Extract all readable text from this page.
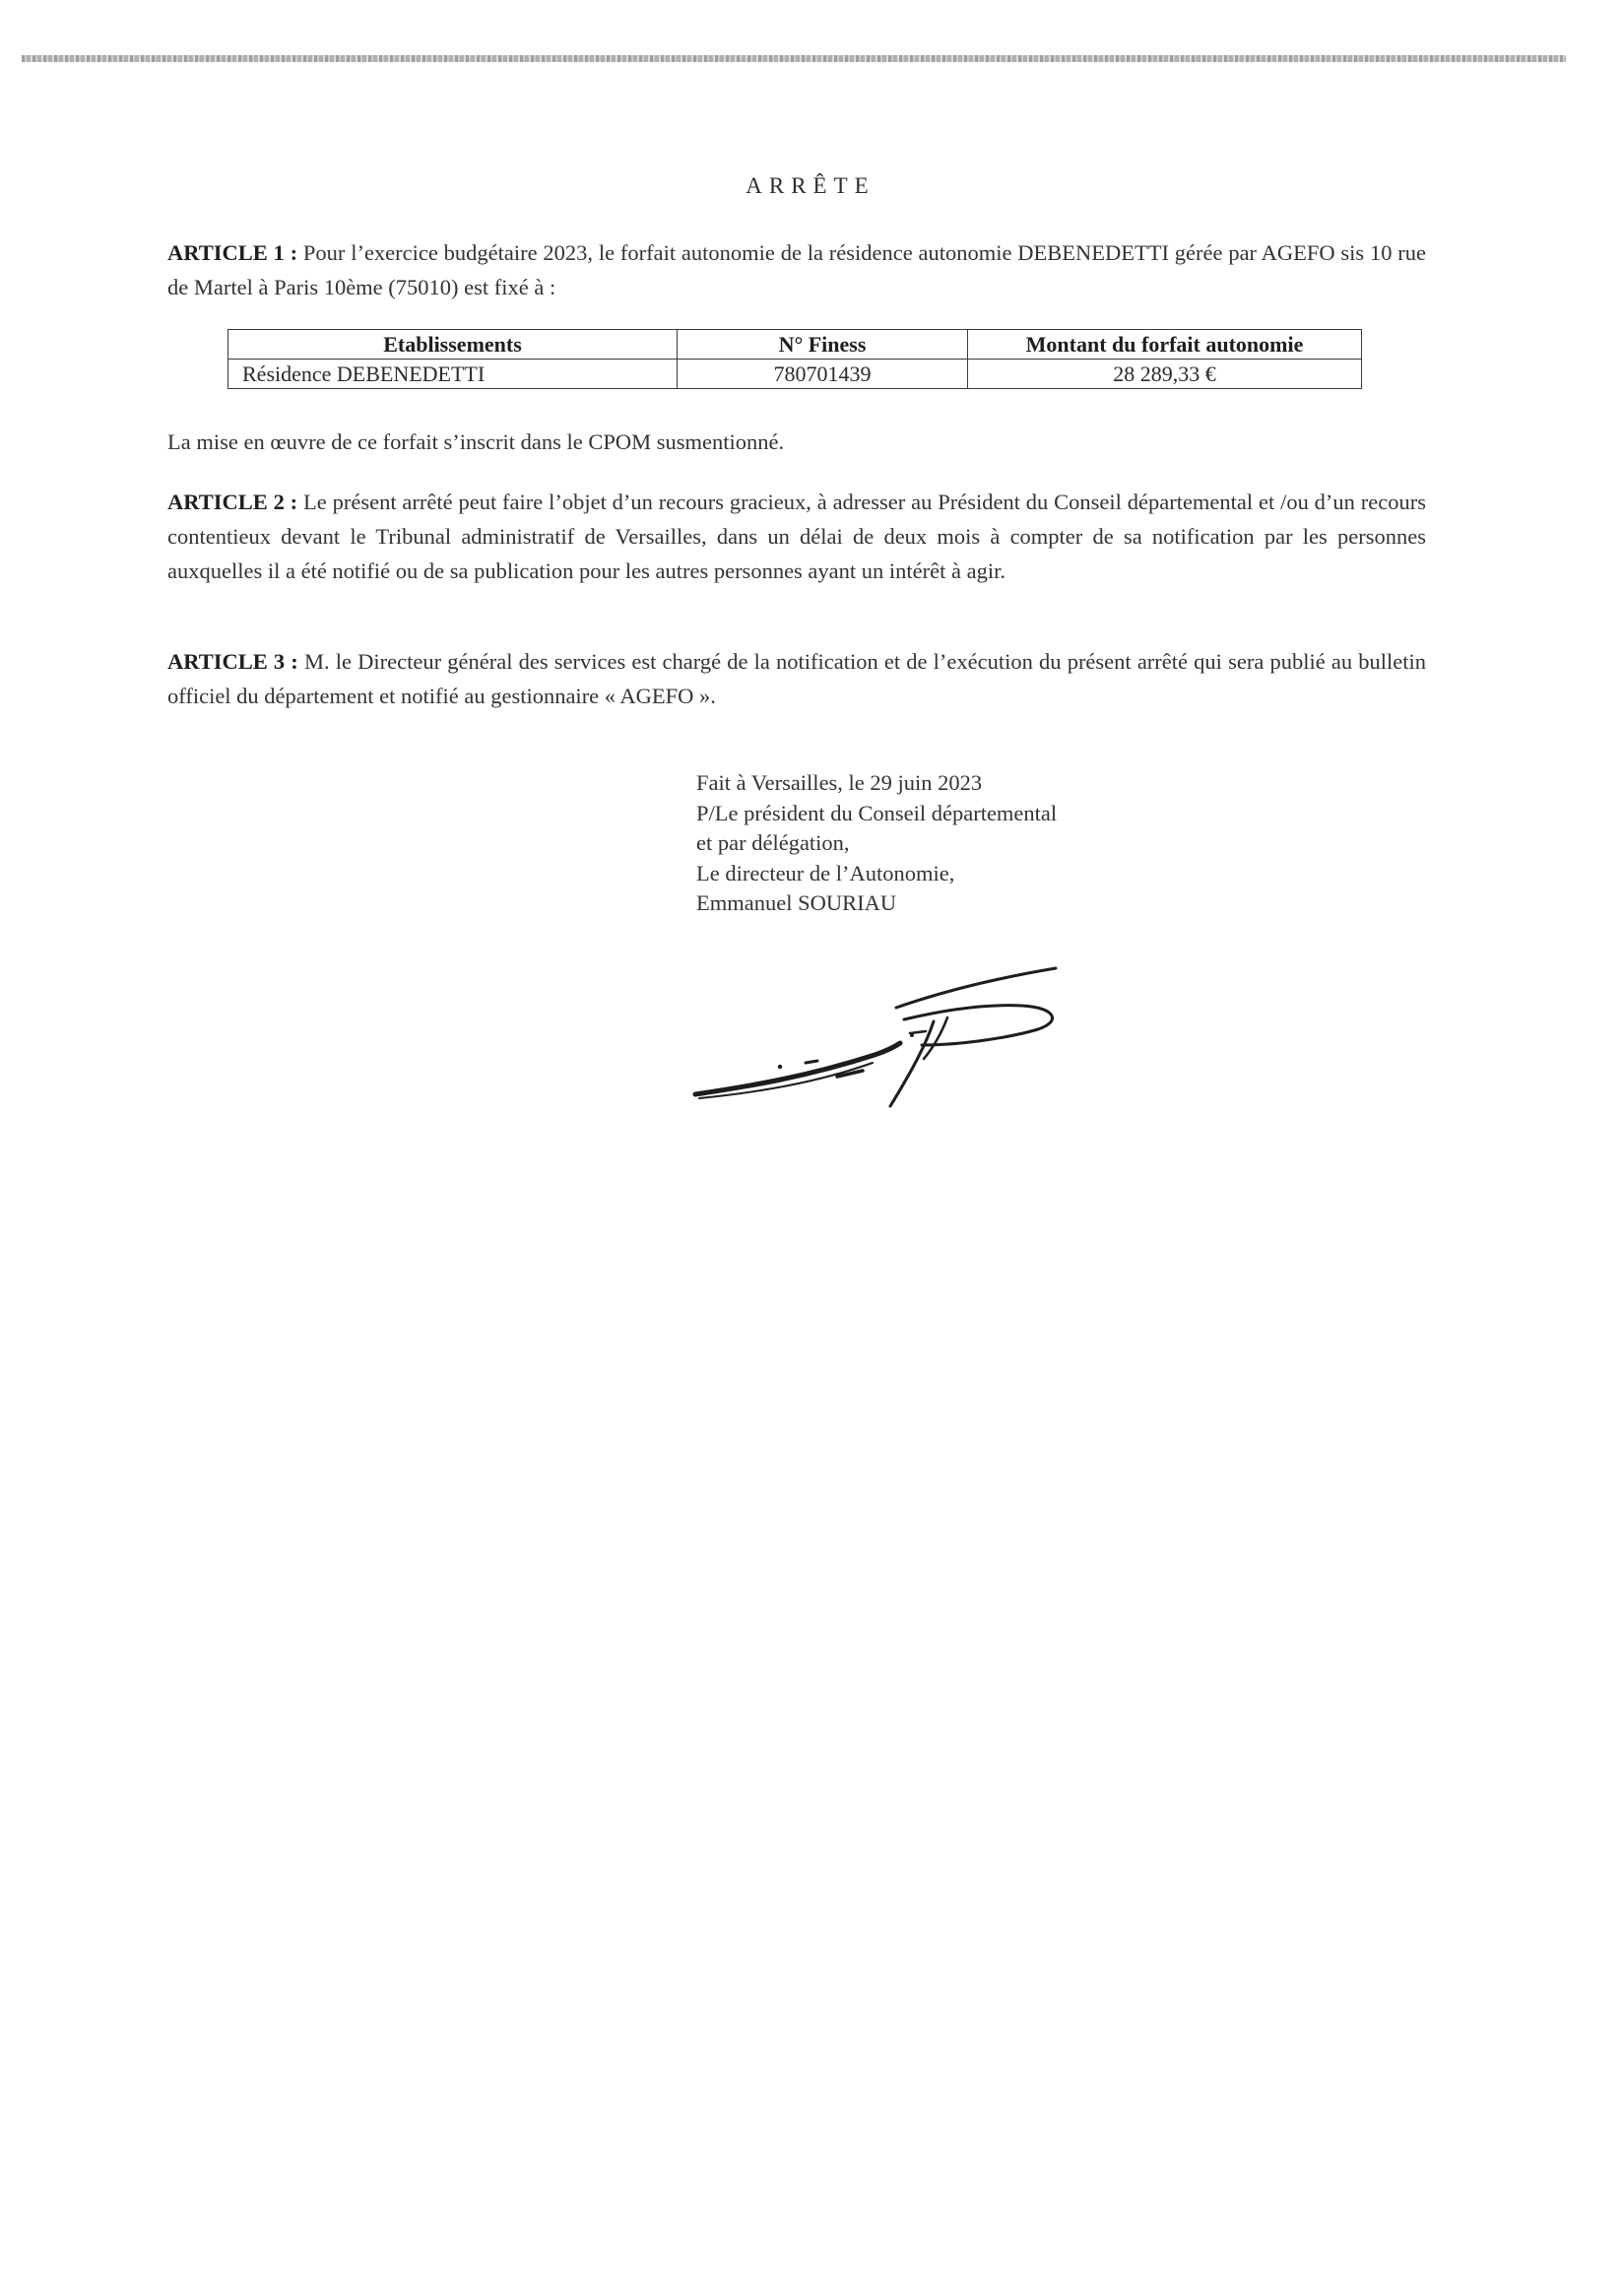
ARRÊTE

ARTICLE 1 : Pour l’exercice budgétaire 2023, le forfait autonomie de la résidence autonomie DEBENEDETTI gérée par AGEFO sis 10 rue de Martel à Paris 10ème (75010) est fixé à :

Etablissements	N° Finess	Montant du forfait autonomie
Résidence DEBENEDETTI	780701439	28 289,33 €

La mise en œuvre de ce forfait s’inscrit dans le CPOM susmentionné.

ARTICLE 2 : Le présent arrêté peut faire l’objet d’un recours gracieux, à adresser au Président du Conseil départemental et /ou d’un recours contentieux devant le Tribunal administratif de Versailles, dans un délai de deux mois à compter de sa notification par les personnes auxquelles il a été notifié ou de sa publication pour les autres personnes ayant un intérêt à agir.

ARTICLE 3 : M. le Directeur général des services est chargé de la notification et de l’exécution du présent arrêté qui sera publié au bulletin officiel du département et notifié au gestionnaire « AGEFO ».

Fait à Versailles, le 29 juin 2023
P/Le président du Conseil départemental
et par délégation,
Le directeur de l’Autonomie,
Emmanuel SOURIAU
